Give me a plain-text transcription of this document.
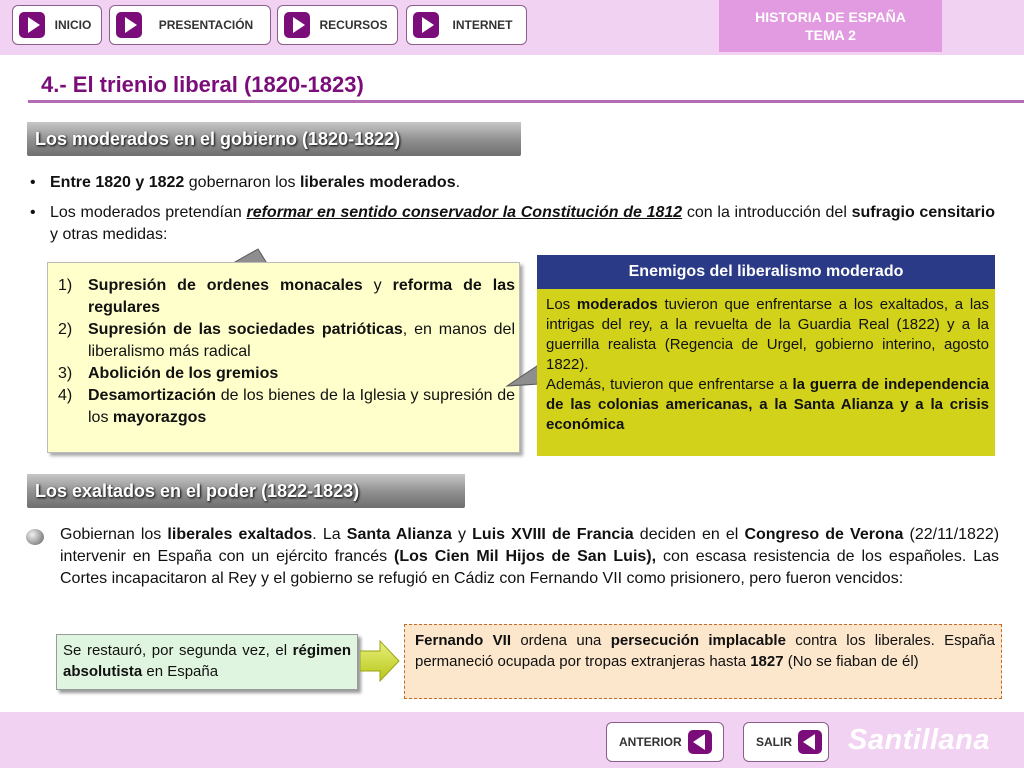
INICIO	PRESENTACIÓN	RECURSOS	INTERNET	HISTORIA DE ESPAÑA
TEMA 2
4.- El trienio liberal (1820-1823)
Los moderados en el gobierno (1820-1822)
• Entre 1820 y 1822 gobernaron los liberales moderados.
• Los moderados pretendían reformar en sentido conservador la Constitución de 1812 con la introducción del sufragio censitario y otras medidas:
1) Supresión de ordenes monacales y reforma de las regulares
2) Supresión de las sociedades patrióticas, en manos del liberalismo más radical
3) Abolición de los gremios
4) Desamortización de los bienes de la Iglesia y supresión de los mayorazgos
Enemigos del liberalismo moderado
Los moderados tuvieron que enfrentarse a los exaltados, a las intrigas del rey, a la revuelta de la Guardia Real (1822) y a la guerrilla realista (Regencia de Urgel, gobierno interino, agosto 1822).
Además, tuvieron que enfrentarse a la guerra de independencia de las colonias americanas, a la Santa Alianza y a la crisis económica
Los exaltados en el poder (1822-1823)
Gobiernan los liberales exaltados. La Santa Alianza y Luis XVIII de Francia deciden en el Congreso de Verona (22/11/1822) intervenir en España con un ejército francés (Los Cien Mil Hijos de San Luis), con escasa resistencia de los españoles. Las Cortes incapacitaron al Rey y el gobierno se refugió en Cádiz con Fernando VII como prisionero, pero fueron vencidos:
Se restauró, por segunda vez, el régimen absolutista en España
Fernando VII ordena una persecución implacable contra los liberales. España permaneció ocupada por tropas extranjeras hasta 1827 (No se fiaban de él)
ANTERIOR	SALIR Santillana
